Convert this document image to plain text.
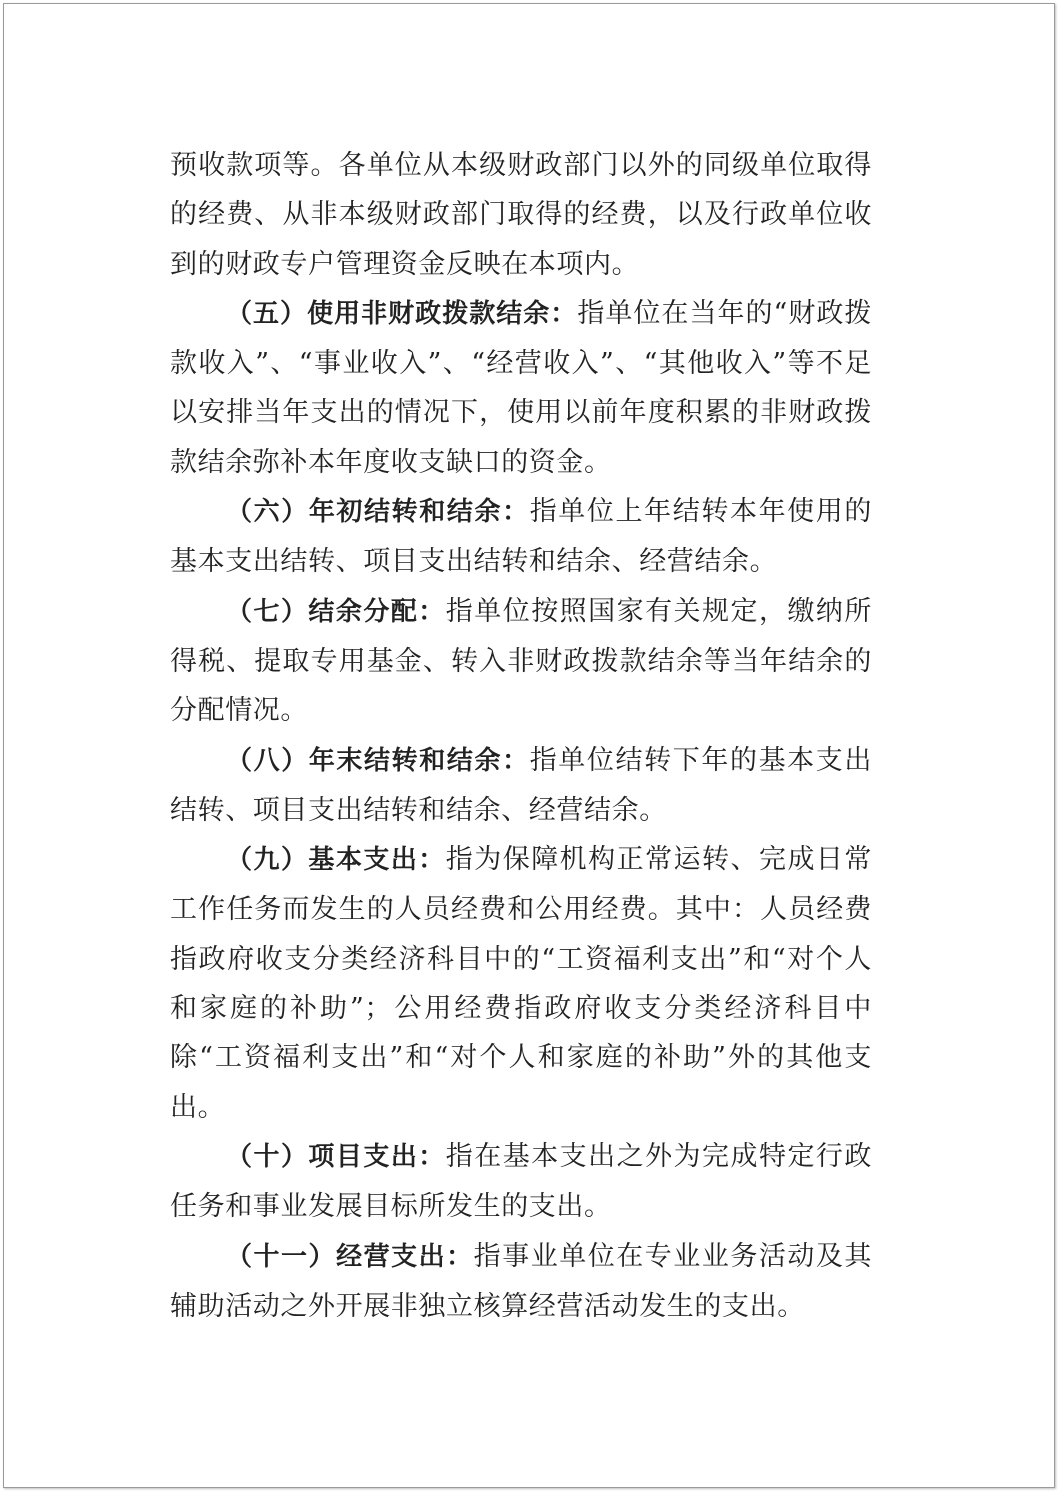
预收款项等。各单位从本级财政部门以外的同级单位取得的经费、从非本级财政部门取得的经费，以及行政单位收到的财政专户管理资金反映在本项内。

（五）使用非财政拨款结余：指单位在当年的“财政拨款收入”、“事业收入”、“经营收入”、“其他收入”等不足以安排当年支出的情况下，使用以前年度积累的非财政拨款结余弥补本年度收支缺口的资金。

（六）年初结转和结余：指单位上年结转本年使用的基本支出结转、项目支出结转和结余、经营结余。

（七）结余分配：指单位按照国家有关规定，缴纳所得税、提取专用基金、转入非财政拨款结余等当年结余的分配情况。

（八）年末结转和结余：指单位结转下年的基本支出结转、项目支出结转和结余、经营结余。

（九）基本支出：指为保障机构正常运转、完成日常工作任务而发生的人员经费和公用经费。其中：人员经费指政府收支分类经济科目中的“工资福利支出”和“对个人和家庭的补助”；公用经费指政府收支分类经济科目中除“工资福利支出”和“对个人和家庭的补助”外的其他支出。

（十）项目支出：指在基本支出之外为完成特定行政任务和事业发展目标所发生的支出。

（十一）经营支出：指事业单位在专业业务活动及其辅助活动之外开展非独立核算经营活动发生的支出。
